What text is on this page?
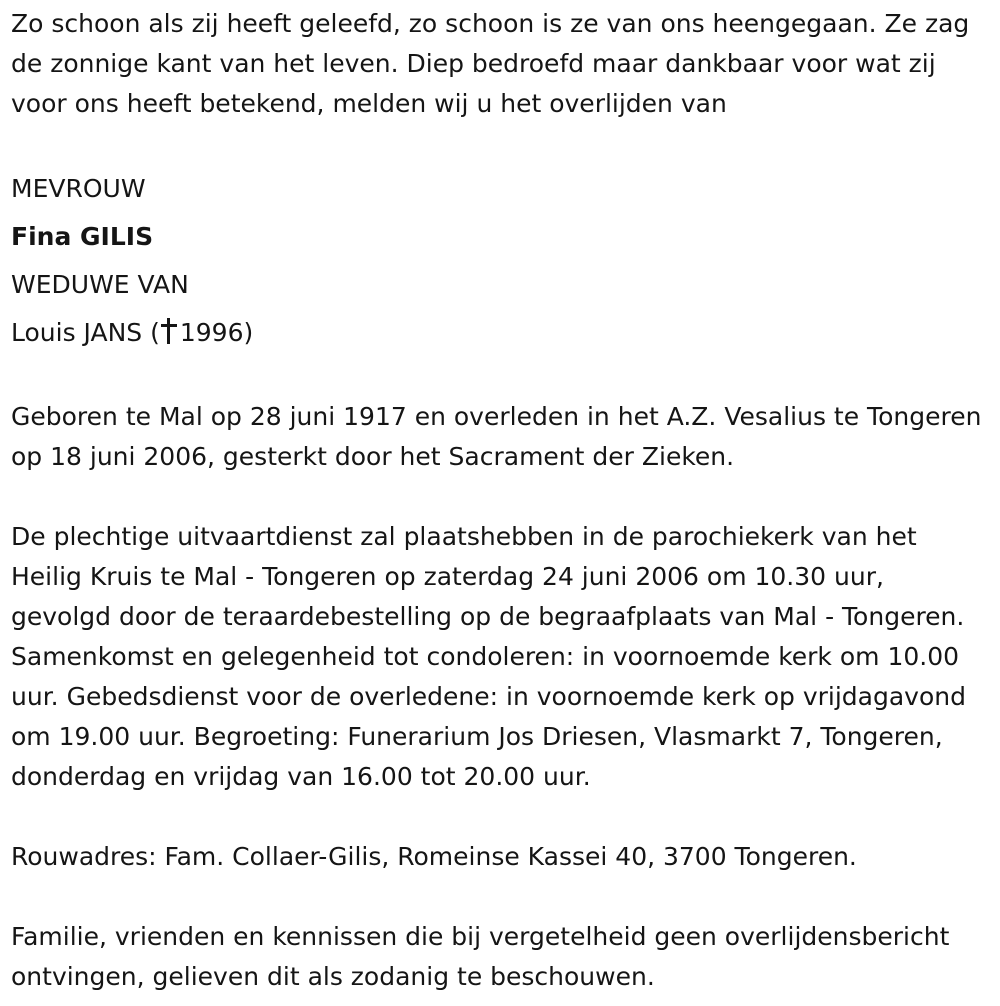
Zo schoon als zij heeft geleefd, zo schoon is ze van ons heengegaan. Ze zag de zonnige kant van het leven. Diep bedroefd maar dankbaar voor wat zij voor ons heeft betekend, melden wij u het overlijden van

MEVROUW
Fina GILIS
WEDUWE VAN
Louis JANS ( 1996)

Geboren te Mal op 28 juni 1917 en overleden in het A.Z. Vesalius te Tongeren op 18 juni 2006, gesterkt door het Sacrament der Zieken.

De plechtige uitvaartdienst zal plaatshebben in de parochiekerk van het Heilig Kruis te Mal - Tongeren op zaterdag 24 juni 2006 om 10.30 uur, gevolgd door de teraardebestelling op de begraafplaats van Mal - Tongeren. Samenkomst en gelegenheid tot condoleren: in voornoemde kerk om 10.00 uur. Gebedsdienst voor de overledene: in voornoemde kerk op vrijdagavond om 19.00 uur. Begroeting: Funerarium Jos Driesen, Vlasmarkt 7, Tongeren, donderdag en vrijdag van 16.00 tot 20.00 uur.

Rouwadres: Fam. Collaer-Gilis, Romeinse Kassei 40, 3700 Tongeren.

Familie, vrienden en kennissen die bij vergetelheid geen overlijdensbericht ontvingen, gelieven dit als zodanig te beschouwen.
